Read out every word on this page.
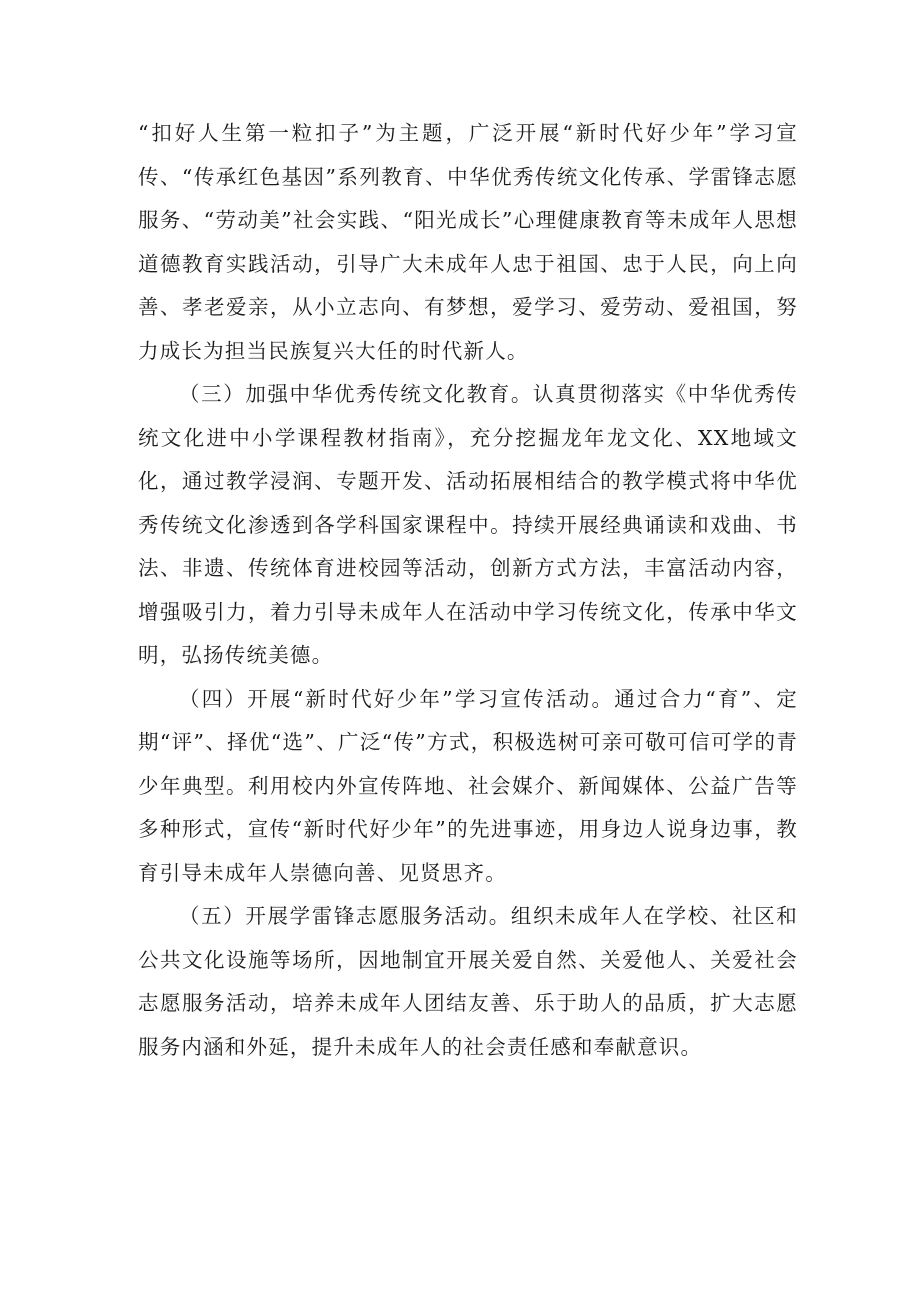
“扣好人生第一粒扣子”为主题，广泛开展“新时代好少年”学习宣传、“传承红色基因”系列教育、中华优秀传统文化传承、学雷锋志愿服务、“劳动美”社会实践、“阳光成长”心理健康教育等未成年人思想道德教育实践活动，引导广大未成年人忠于祖国、忠于人民，向上向善、孝老爱亲，从小立志向、有梦想，爱学习、爱劳动、爱祖国，努力成长为担当民族复兴大任的时代新人。

（三）加强中华优秀传统文化教育。认真贯彻落实《中华优秀传统文化进中小学课程教材指南》，充分挖掘龙年龙文化、XX地域文化，通过教学浸润、专题开发、活动拓展相结合的教学模式将中华优秀传统文化渗透到各学科国家课程中。持续开展经典诵读和戏曲、书法、非遗、传统体育进校园等活动，创新方式方法，丰富活动内容，增强吸引力，着力引导未成年人在活动中学习传统文化，传承中华文明，弘扬传统美德。

（四）开展“新时代好少年”学习宣传活动。通过合力“育”、定期“评”、择优“选”、广泛“传”方式，积极选树可亲可敬可信可学的青少年典型。利用校内外宣传阵地、社会媒介、新闻媒体、公益广告等多种形式，宣传“新时代好少年”的先进事迹，用身边人说身边事，教育引导未成年人崇德向善、见贤思齐。

（五）开展学雷锋志愿服务活动。组织未成年人在学校、社区和公共文化设施等场所，因地制宜开展关爱自然、关爱他人、关爱社会志愿服务活动，培养未成年人团结友善、乐于助人的品质，扩大志愿服务内涵和外延，提升未成年人的社会责任感和奉献意识。
